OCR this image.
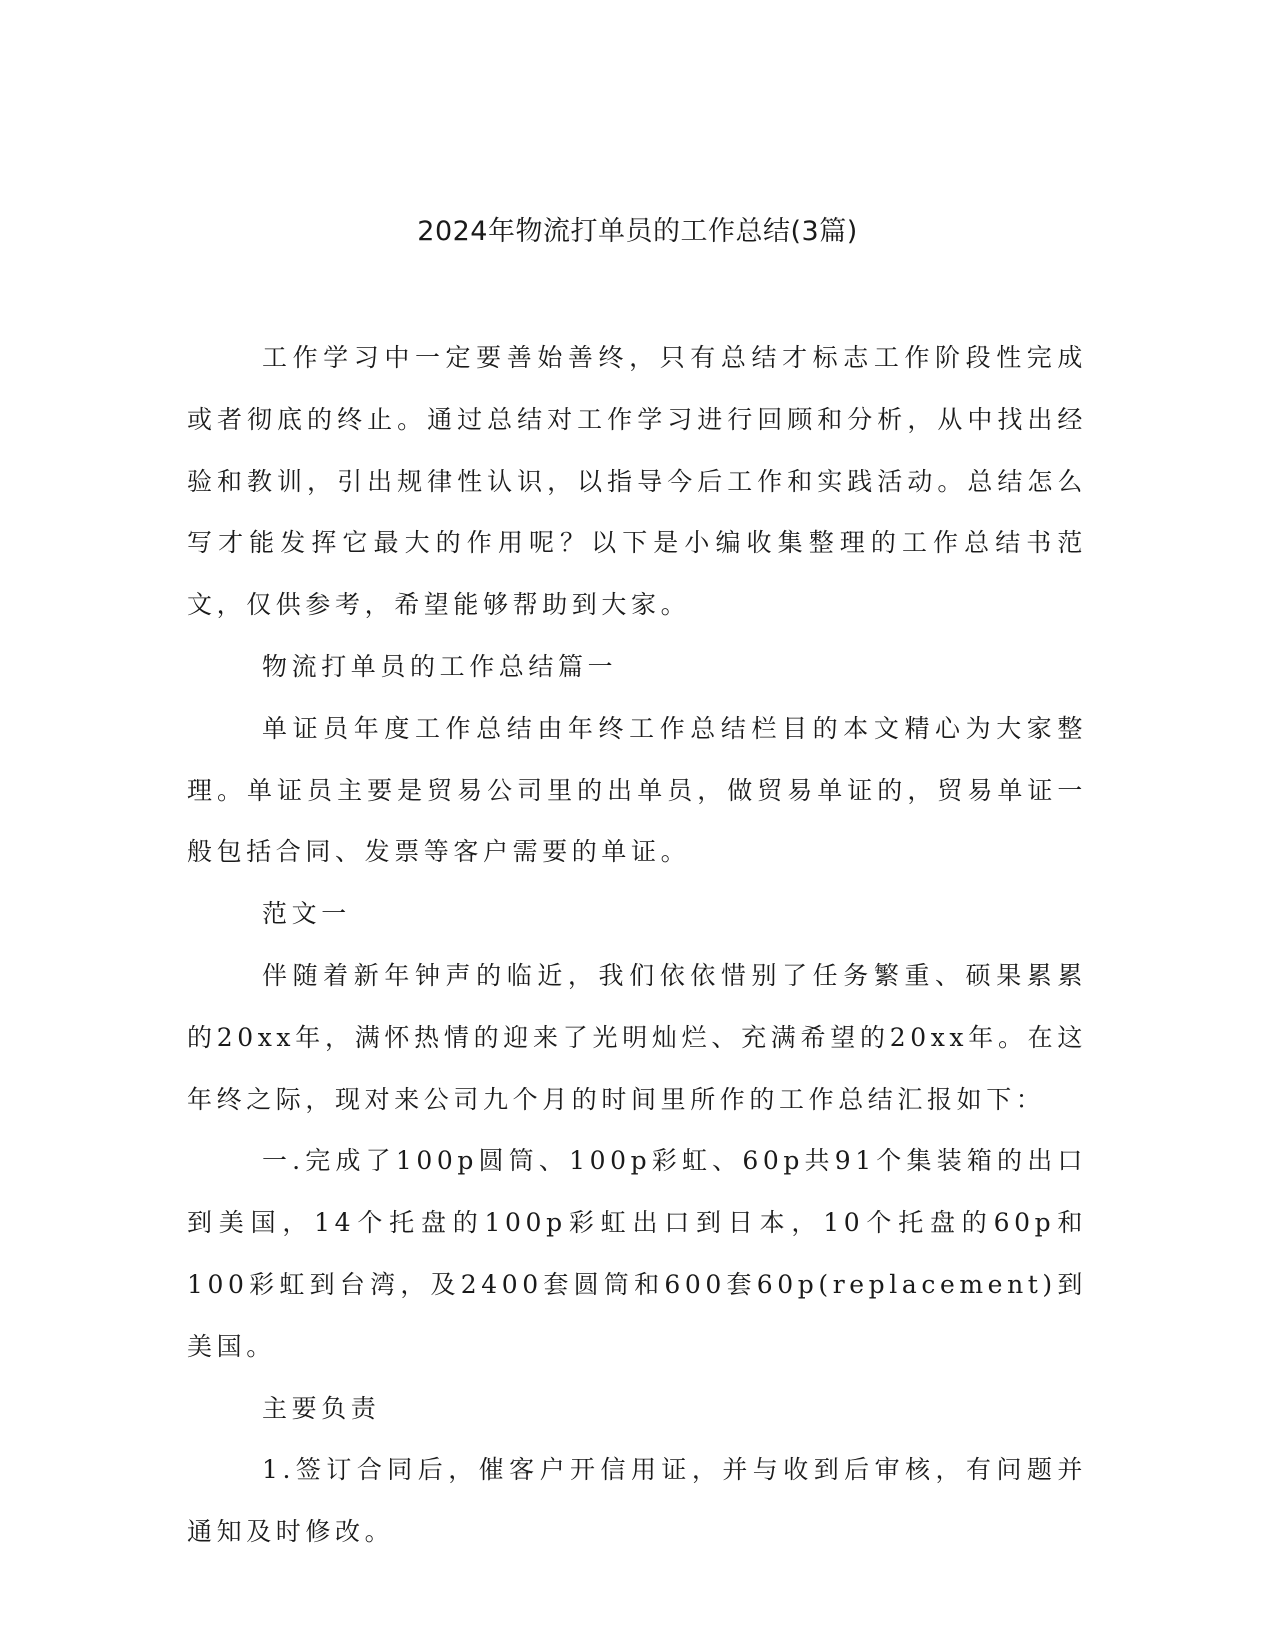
2024年物流打单员的工作总结(3篇)

工作学习中一定要善始善终，只有总结才标志工作阶段性完成或者彻底的终止。通过总结对工作学习进行回顾和分析，从中找出经验和教训，引出规律性认识，以指导今后工作和实践活动。总结怎么写才能发挥它最大的作用呢？以下是小编收集整理的工作总结书范文，仅供参考，希望能够帮助到大家。

物流打单员的工作总结篇一

单证员年度工作总结由年终工作总结栏目的本文精心为大家整理。单证员主要是贸易公司里的出单员，做贸易单证的，贸易单证一般包括合同、发票等客户需要的单证。

范文一

伴随着新年钟声的临近，我们依依惜别了任务繁重、硕果累累的20xx年，满怀热情的迎来了光明灿烂、充满希望的20xx年。在这年终之际，现对来公司九个月的时间里所作的工作总结汇报如下：

一.完成了100p圆筒、100p彩虹、60p共91个集装箱的出口到美国，14个托盘的100p彩虹出口到日本，10个托盘的60p和100彩虹到台湾，及2400套圆筒和600套60p(replacement)到美国。

主要负责

1.签订合同后，催客户开信用证，并与收到后审核，有问题并通知及时修改。
